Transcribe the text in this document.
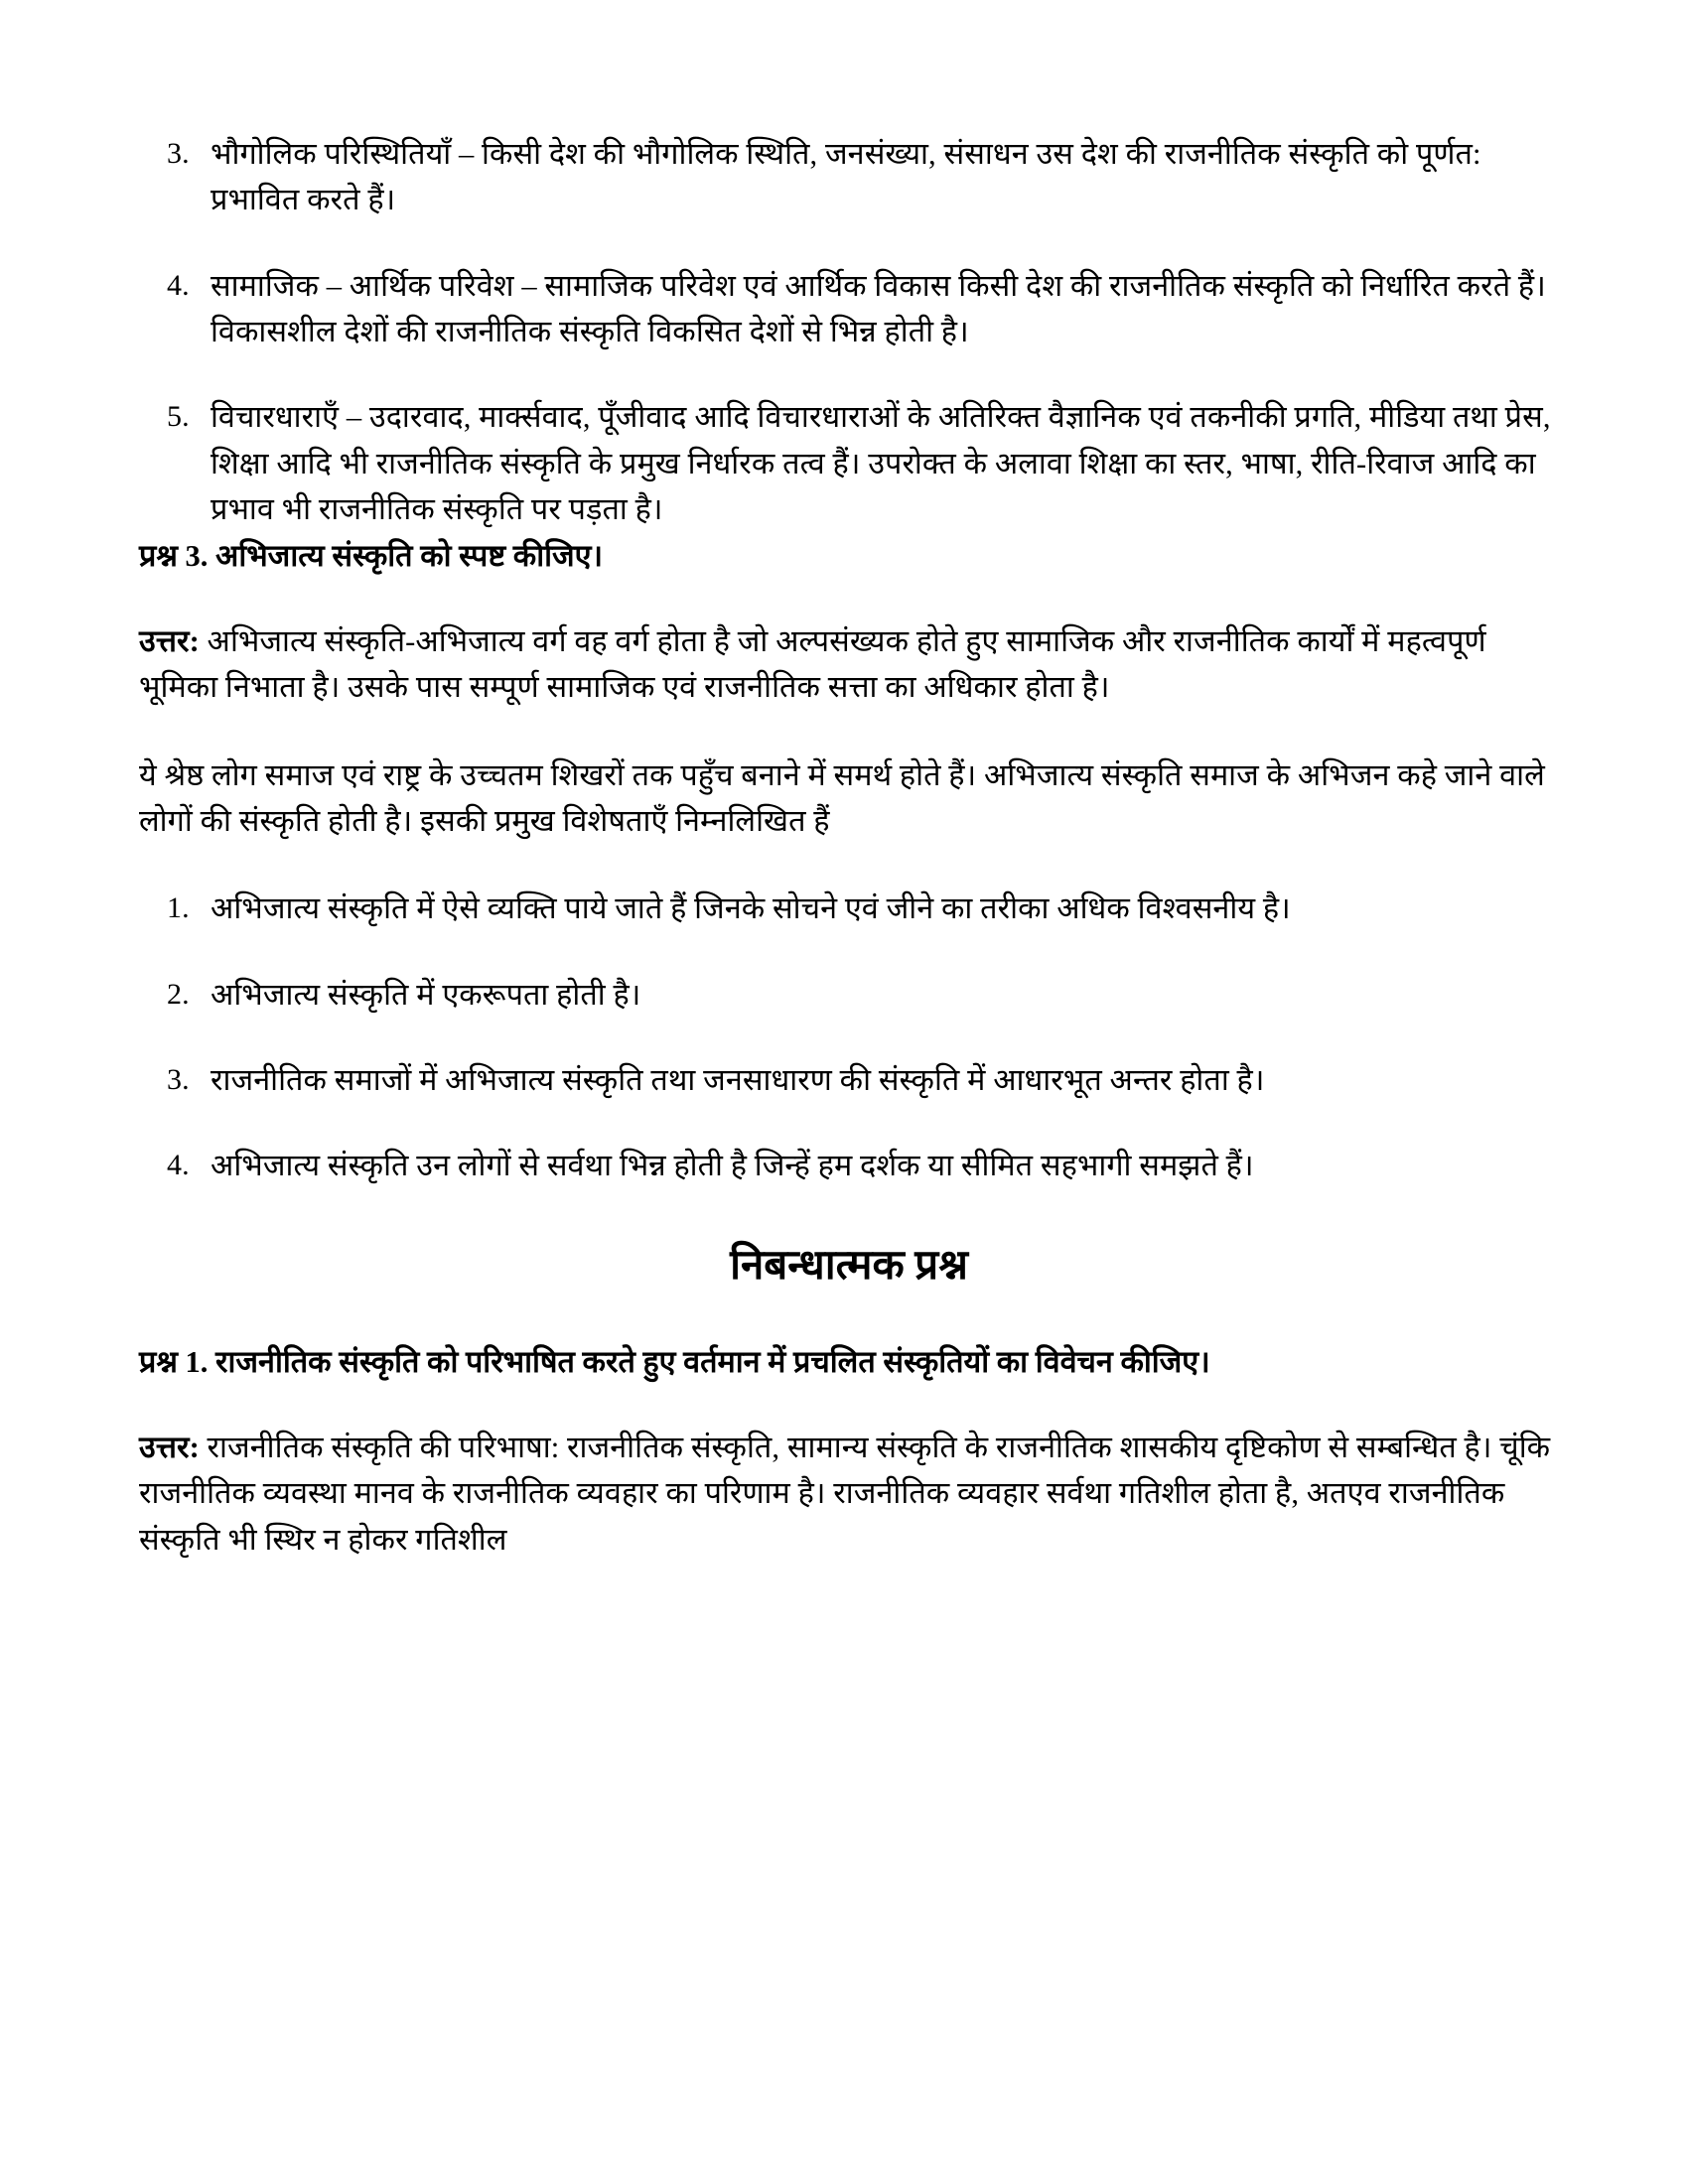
3. भौगोलिक परिस्थितियाँ – किसी देश की भौगोलिक स्थिति, जनसंख्या, संसाधन उस देश की राजनीतिक संस्कृति को पूर्णत: प्रभावित करते हैं।
4. सामाजिक – आर्थिक परिवेश – सामाजिक परिवेश एवं आर्थिक विकास किसी देश की राजनीतिक संस्कृति को निर्धारित करते हैं। विकासशील देशों की राजनीतिक संस्कृति विकसित देशों से भिन्न होती है।
5. विचारधाराएँ – उदारवाद, मार्क्सवाद, पूँजीवाद आदि विचारधाराओं के अतिरिक्त वैज्ञानिक एवं तकनीकी प्रगति, मीडिया तथा प्रेस, शिक्षा आदि भी राजनीतिक संस्कृति के प्रमुख निर्धारक तत्व हैं। उपरोक्त के अलावा शिक्षा का स्तर, भाषा, रीति-रिवाज आदि का प्रभाव भी राजनीतिक संस्कृति पर पड़ता है।
प्रश्न 3. अभिजात्य संस्कृति को स्पष्ट कीजिए।

उत्तर: अभिजात्य संस्कृति-अभिजात्य वर्ग वह वर्ग होता है जो अल्पसंख्यक होते हुए सामाजिक और राजनीतिक कार्यों में महत्वपूर्ण भूमिका निभाता है। उसके पास सम्पूर्ण सामाजिक एवं राजनीतिक सत्ता का अधिकार होता है।

ये श्रेष्ठ लोग समाज एवं राष्ट्र के उच्चतम शिखरों तक पहुँच बनाने में समर्थ होते हैं। अभिजात्य संस्कृति समाज के अभिजन कहे जाने वाले लोगों की संस्कृति होती है। इसकी प्रमुख विशेषताएँ निम्नलिखित हैं

1. अभिजात्य संस्कृति में ऐसे व्यक्ति पाये जाते हैं जिनके सोचने एवं जीने का तरीका अधिक विश्वसनीय है।
2. अभिजात्य संस्कृति में एकरूपता होती है।
3. राजनीतिक समाजों में अभिजात्य संस्कृति तथा जनसाधारण की संस्कृति में आधारभूत अन्तर होता है।
4. अभिजात्य संस्कृति उन लोगों से सर्वथा भिन्न होती है जिन्हें हम दर्शक या सीमित सहभागी समझते हैं।
निबन्धात्मक प्रश्न
प्रश्न 1. राजनीतिक संस्कृति को परिभाषित करते हुए वर्तमान में प्रचलित संस्कृतियों का विवेचन कीजिए।

उत्तर: राजनीतिक संस्कृति की परिभाषा: राजनीतिक संस्कृति, सामान्य संस्कृति के राजनीतिक शासकीय दृष्टिकोण से सम्बन्धित है। चूंकि राजनीतिक व्यवस्था मानव के राजनीतिक व्यवहार का परिणाम है। राजनीतिक व्यवहार सर्वथा गतिशील होता है, अतएव राजनीतिक संस्कृति भी स्थिर न होकर गतिशील
